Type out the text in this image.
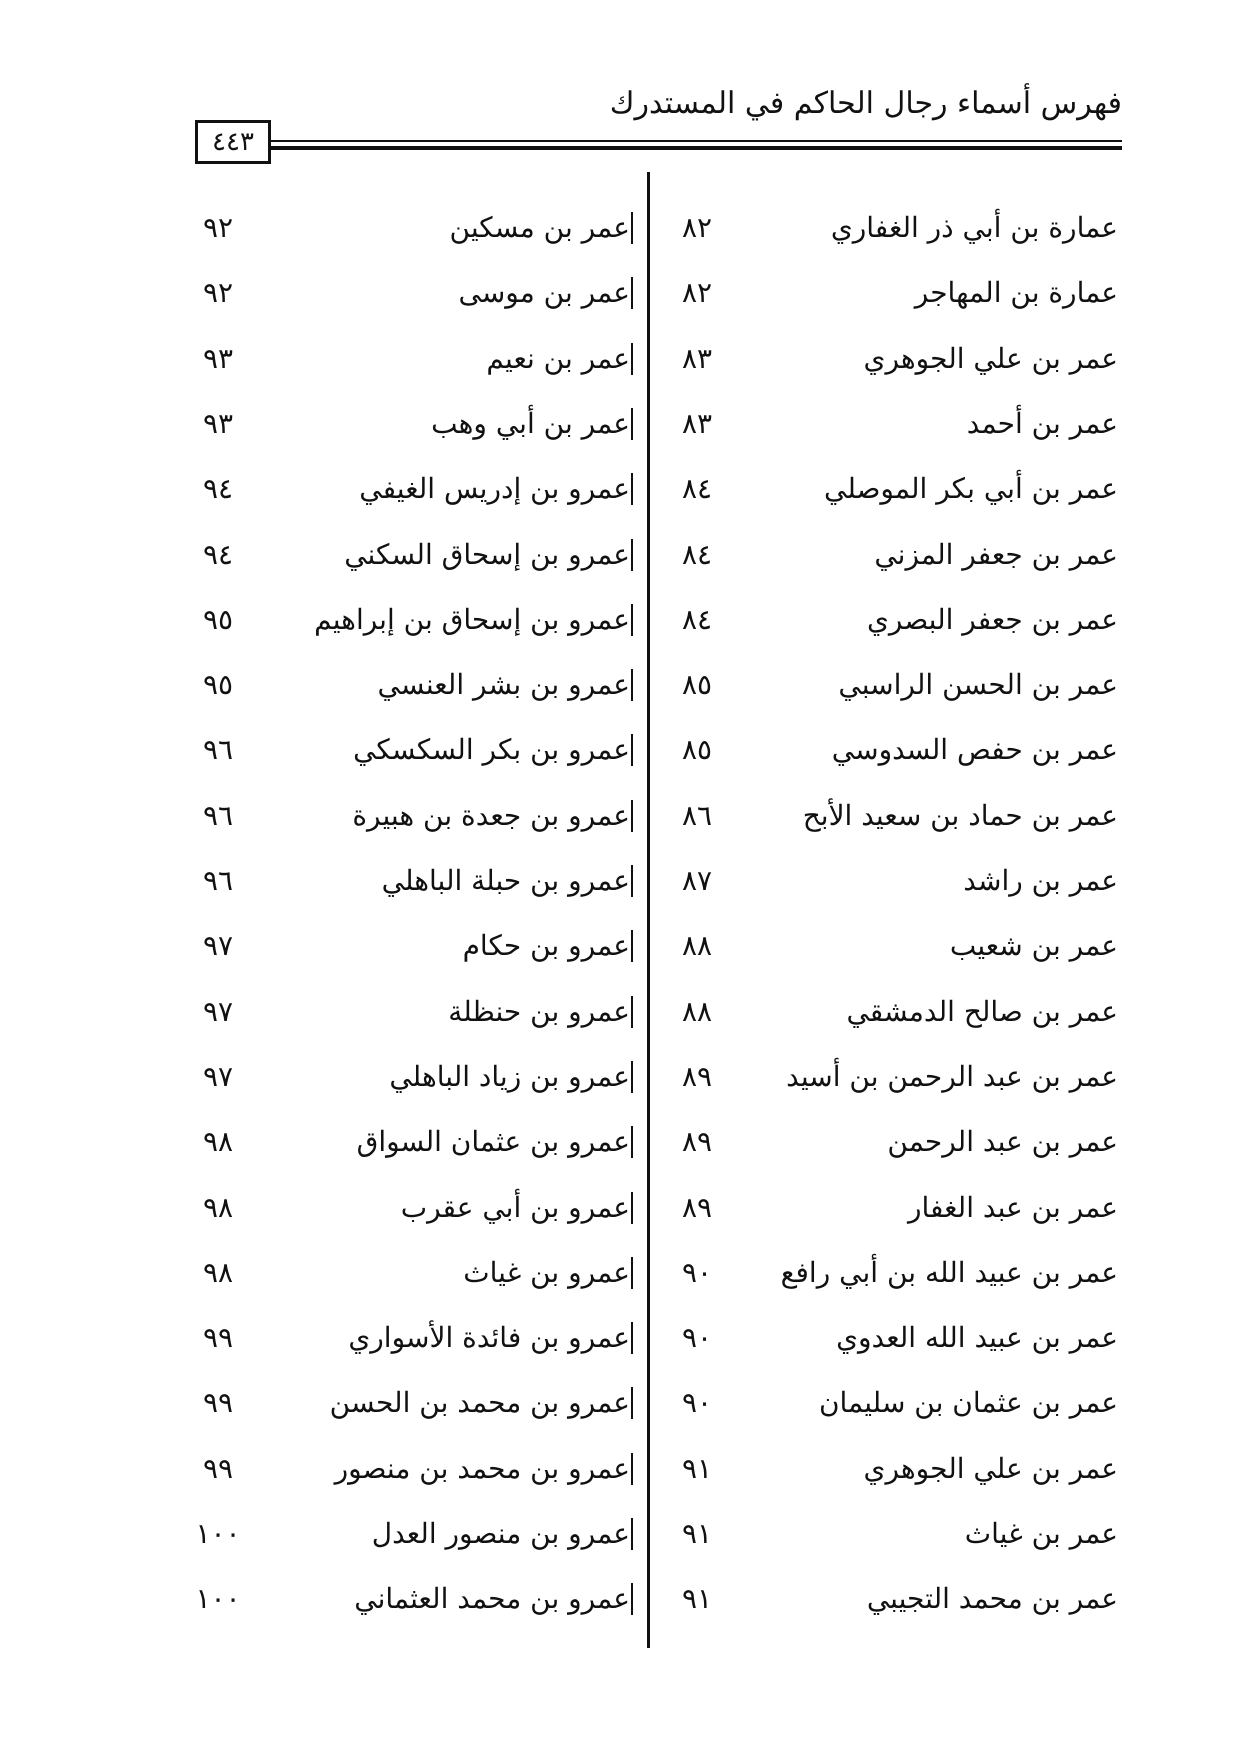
فهرس أسماء رجال الحاكم في المستدرك
٤٤٣
عمارة بن أبي ذر الغفاري
٨٢
عمر بن مسكين
٩٢
عمارة بن المهاجر
٨٢
عمر بن موسى
٩٢
عمر بن علي الجوهري
٨٣
عمر بن نعيم
٩٣
عمر بن أحمد
٨٣
عمر بن أبي وهب
٩٣
عمر بن أبي بكر الموصلي
٨٤
عمرو بن إدريس الغيفي
٩٤
عمر بن جعفر المزني
٨٤
عمرو بن إسحاق السكني
٩٤
عمر بن جعفر البصري
٨٤
عمرو بن إسحاق بن إبراهيم
٩٥
عمر بن الحسن الراسبي
٨٥
عمرو بن بشر العنسي
٩٥
عمر بن حفص السدوسي
٨٥
عمرو بن بكر السكسكي
٩٦
عمر بن حماد بن سعيد الأبح
٨٦
عمرو بن جعدة بن هبيرة
٩٦
عمر بن راشد
٨٧
عمرو بن حبلة الباهلي
٩٦
عمر بن شعيب
٨٨
عمرو بن حكام
٩٧
عمر بن صالح الدمشقي
٨٨
عمرو بن حنظلة
٩٧
عمر بن عبد الرحمن بن أسيد
٨٩
عمرو بن زياد الباهلي
٩٧
عمر بن عبد الرحمن
٨٩
عمرو بن عثمان السواق
٩٨
عمر بن عبد الغفار
٨٩
عمرو بن أبي عقرب
٩٨
عمر بن عبيد الله بن أبي رافع
٩٠
عمرو بن غياث
٩٨
عمر بن عبيد الله العدوي
٩٠
عمرو بن فائدة الأسواري
٩٩
عمر بن عثمان بن سليمان
٩٠
عمرو بن محمد بن الحسن
٩٩
عمر بن علي الجوهري
٩١
عمرو بن محمد بن منصور
٩٩
عمر بن غياث
٩١
عمرو بن منصور العدل
١٠٠
عمر بن محمد التجيبي
٩١
عمرو بن محمد العثماني
١٠٠
